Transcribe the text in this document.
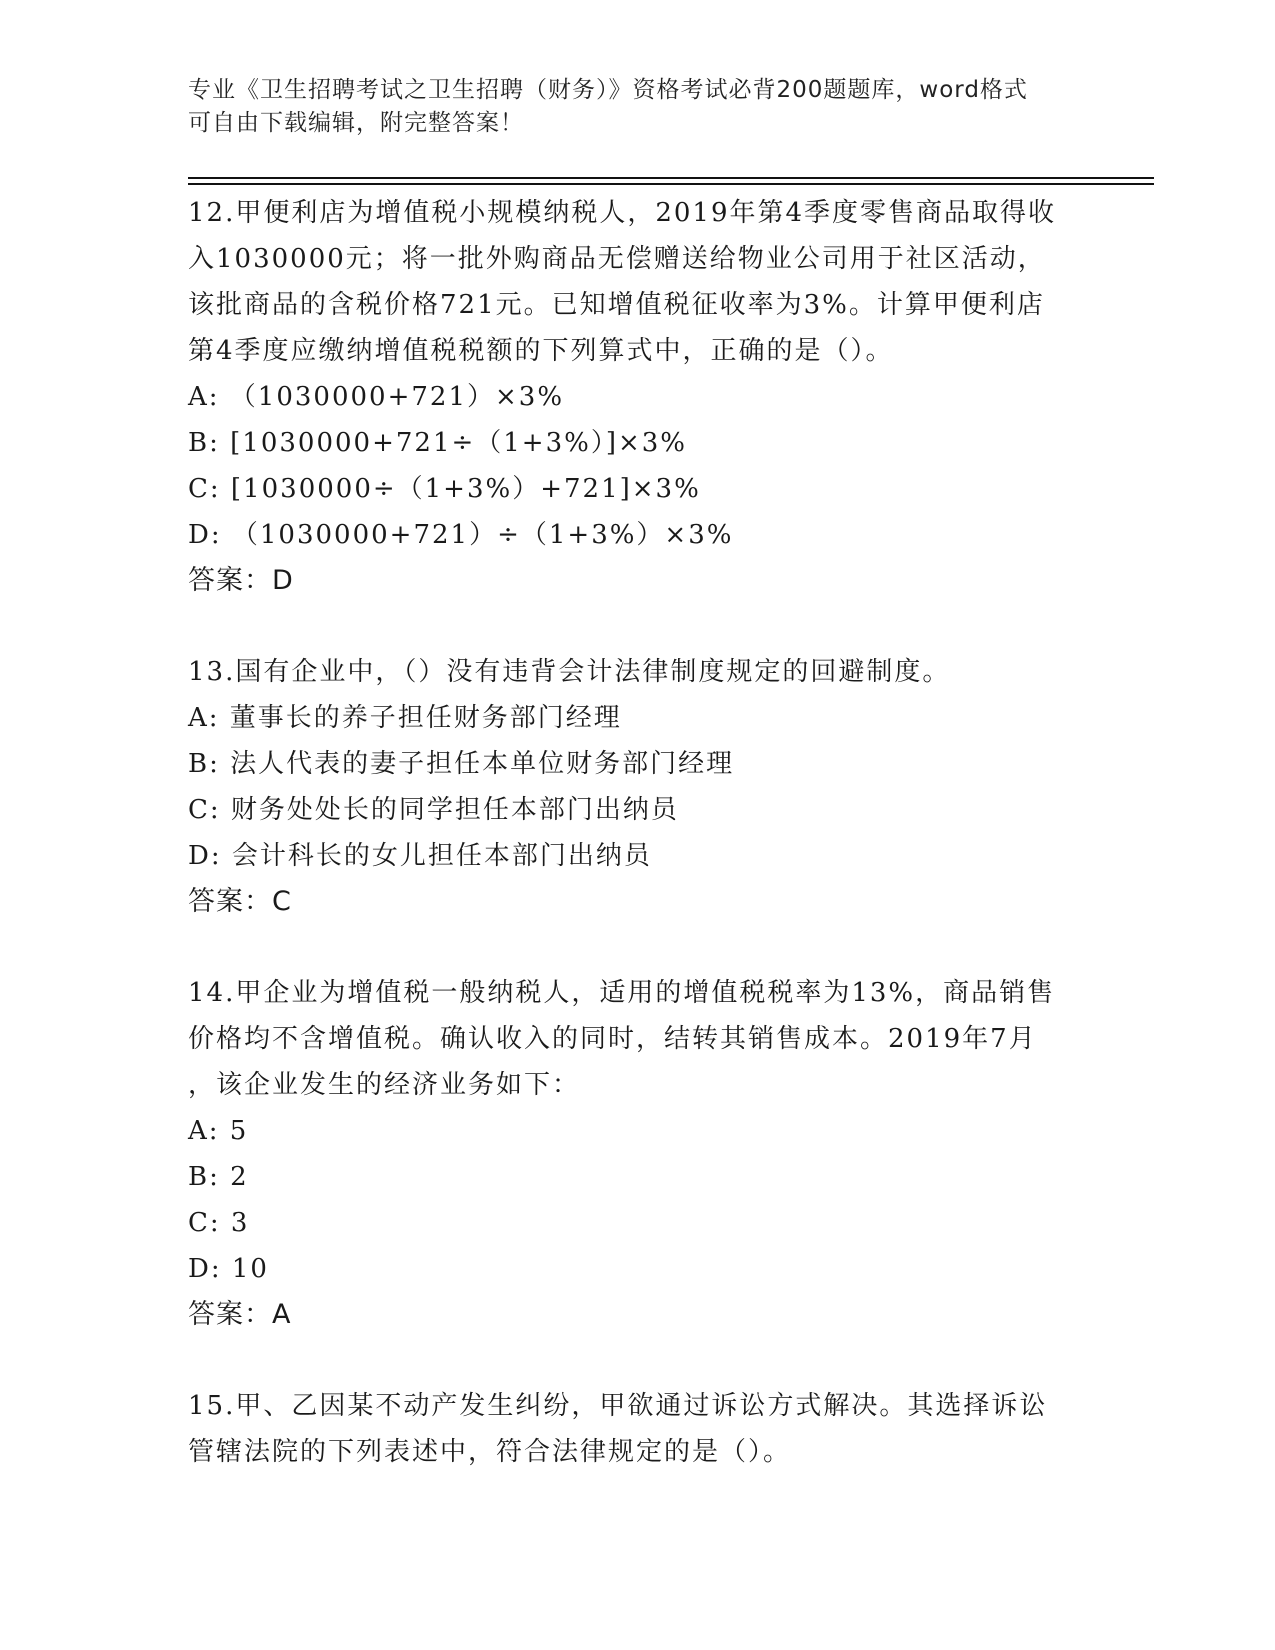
专业《卫生招聘考试之卫生招聘（财务）》资格考试必背200题题库，word格式
可自由下载编辑，附完整答案！

12.甲便利店为增值税小规模纳税人，2019年第4季度零售商品取得收

入1030000元；将一批外购商品无偿赠送给物业公司用于社区活动，

该批商品的含税价格721元。已知增值税征收率为3%。计算甲便利店

第4季度应缴纳增值税税额的下列算式中，正确的是（）。

A: （1030000+721）×3%

B: [1030000+721÷（1+3%）]×3%

C: [1030000÷（1+3%）+721]×3%

D: （1030000+721）÷（1+3%）×3%

答案：D

13.国有企业中，（）没有违背会计法律制度规定的回避制度。

A: 董事长的养子担任财务部门经理

B: 法人代表的妻子担任本单位财务部门经理

C: 财务处处长的同学担任本部门出纳员

D: 会计科长的女儿担任本部门出纳员

答案：C

14.甲企业为增值税一般纳税人，适用的增值税税率为13%，商品销售

价格均不含增值税。确认收入的同时，结转其销售成本。2019年7月

，该企业发生的经济业务如下：

A: 5

B: 2

C: 3

D: 10

答案：A

15.甲、乙因某不动产发生纠纷，甲欲通过诉讼方式解决。其选择诉讼

管辖法院的下列表述中，符合法律规定的是（）。
